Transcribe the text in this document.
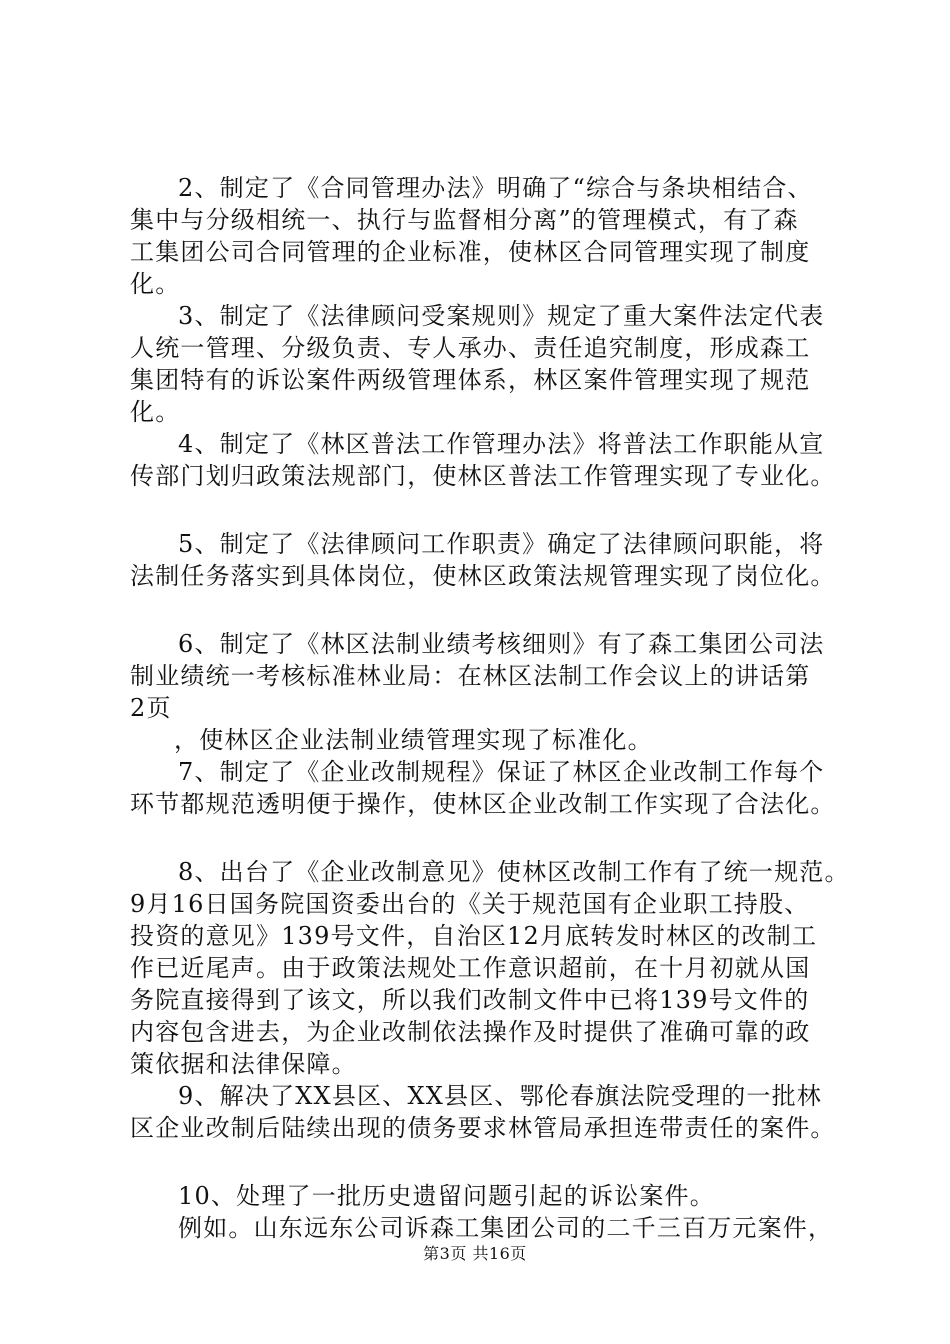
2、制定了《合同管理办法》明确了“综合与条块相结合、
集中与分级相统一、执行与监督相分离”的管理模式，有了森
工集团公司合同管理的企业标准，使林区合同管理实现了制度
化。
3、制定了《法律顾问受案规则》规定了重大案件法定代表
人统一管理、分级负责、专人承办、责任追究制度，形成森工
集团特有的诉讼案件两级管理体系，林区案件管理实现了规范
化。
4、制定了《林区普法工作管理办法》将普法工作职能从宣
传部门划归政策法规部门，使林区普法工作管理实现了专业化。
5、制定了《法律顾问工作职责》确定了法律顾问职能，将
法制任务落实到具体岗位，使林区政策法规管理实现了岗位化。
6、制定了《林区法制业绩考核细则》有了森工集团公司法
制业绩统一考核标准林业局：在林区法制工作会议上的讲话第
2页
，使林区企业法制业绩管理实现了标准化。
7、制定了《企业改制规程》保证了林区企业改制工作每个
环节都规范透明便于操作，使林区企业改制工作实现了合法化。
8、出台了《企业改制意见》使林区改制工作有了统一规范。
9月16日国务院国资委出台的《关于规范国有企业职工持股、
投资的意见》139号文件，自治区12月底转发时林区的改制工
作已近尾声。由于政策法规处工作意识超前，在十月初就从国
务院直接得到了该文，所以我们改制文件中已将139号文件的
内容包含进去，为企业改制依法操作及时提供了准确可靠的政
策依据和法律保障。
9、解决了XX县区、XX县区、鄂伦春旗法院受理的一批林
区企业改制后陆续出现的债务要求林管局承担连带责任的案件。
10、处理了一批历史遗留问题引起的诉讼案件。
例如。山东远东公司诉森工集团公司的二千三百万元案件，
第3页 共16页
